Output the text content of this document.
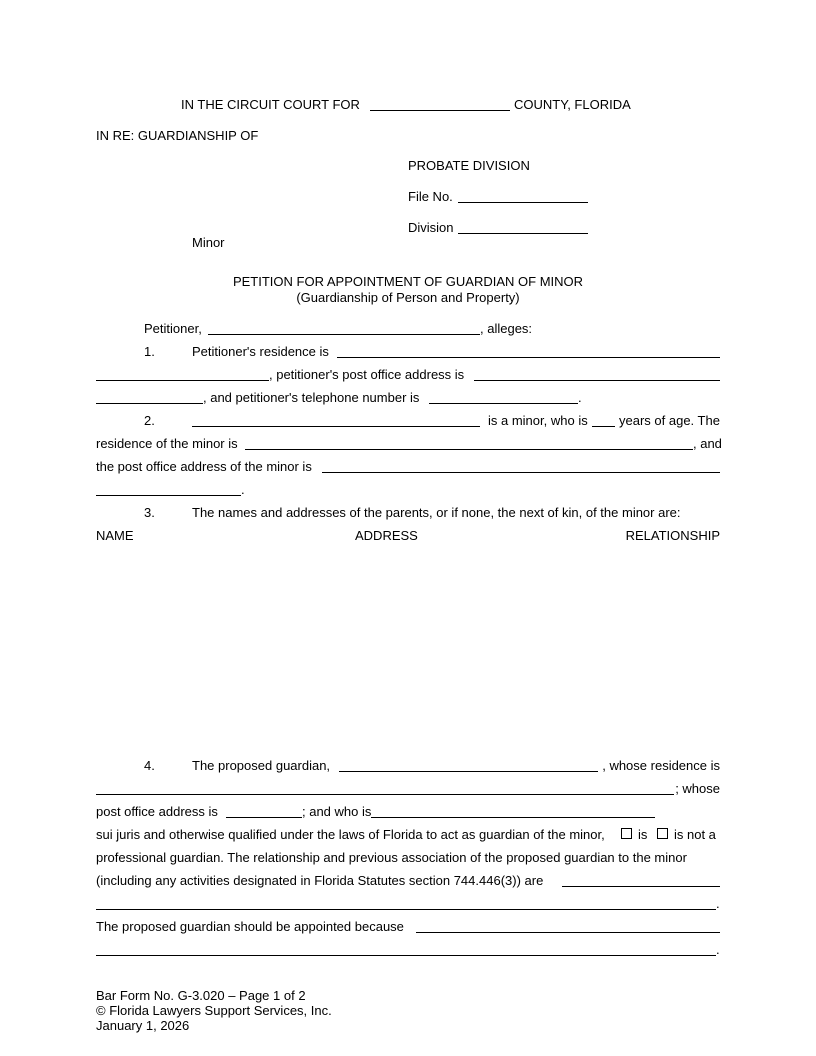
IN THE CIRCUIT COURT FOR	COUNTY, FLORIDA
IN RE: GUARDIANSHIP OF
PROBATE DIVISION
File No.
Division
Minor
PETITION FOR APPOINTMENT OF GUARDIAN OF MINOR
(Guardianship of Person and Property)
Petitioner,	, alleges:
1.	Petitioner's residence is
, petitioner's post office address is
, and petitioner's telephone number is	.
2.	is a minor, who is years of age. The
residence of the minor is	, and
the post office address of the minor is
.
3.	The names and addresses of the parents, or if none, the next of kin, of the minor are:
NAME	ADDRESS	RELATIONSHIP
4.	The proposed guardian,	, whose residence is
; whose
post office address is	; and who is
sui juris and otherwise qualified under the laws of Florida to act as guardian of the minor,	is is not a
professional guardian. The relationship and previous association of the proposed guardian to the minor
(including any activities designated in Florida Statutes section 744.446(3)) are
.
The proposed guardian should be appointed because
.
Bar Form No. G-3.020 – Page 1 of 2
© Florida Lawyers Support Services, Inc.
January 1, 2026
